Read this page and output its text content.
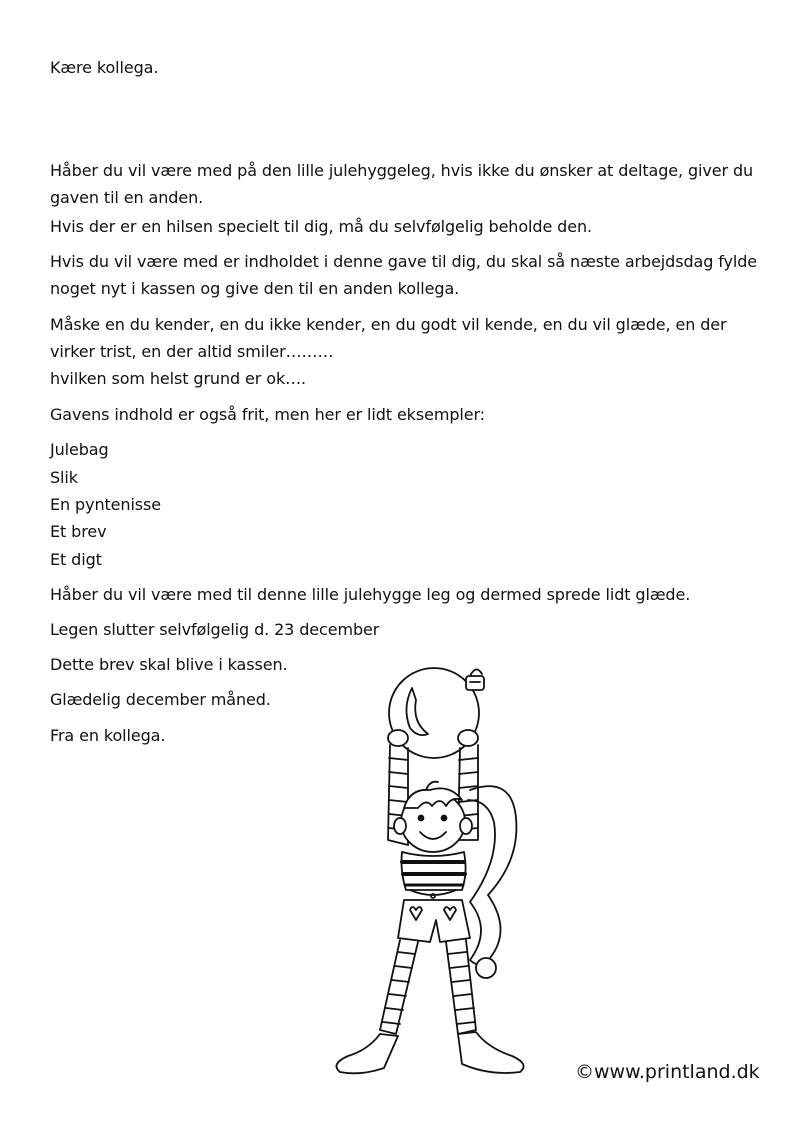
Kære kollega.
Håber du vil være med på den lille julehyggeleg, hvis ikke du ønsker at deltage, giver du
gaven til en anden.
Hvis der er en hilsen specielt til dig, må du selvfølgelig beholde den.
Hvis du vil være med er indholdet i denne gave til dig, du skal så næste arbejdsdag fylde
noget nyt i kassen og give den til en anden kollega.
Måske en du kender, en du ikke kender, en du godt vil kende, en du vil glæde, en der
virker trist, en der altid smiler………
hvilken som helst grund er ok….
Gavens indhold er også frit, men her er lidt eksempler:
Julebag
Slik
En pyntenisse
Et brev
Et digt
Håber du vil være med til denne lille julehygge leg og dermed sprede lidt glæde.
Legen slutter selvfølgelig d. 23 december
Dette brev skal blive i kassen.
Glædelig december måned.
Fra en kollega.
©www.printland.dk
